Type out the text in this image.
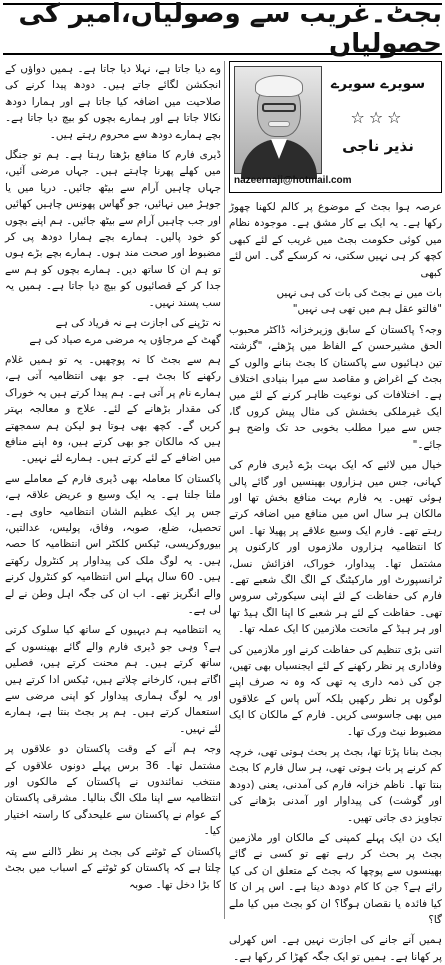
بجٹ۔غریب سے وصولیاں،امیر کی حصولیاں
سویرے سویرے
☆☆☆
نذیر ناجی
nazeernaji@hotmail.com

عرصہ ہوا بجٹ کے موضوع پر کالم لکھنا چھوڑ رکھا ہے۔ یہ ایک بے کار مشق ہے۔ موجودہ نظام میں کوئی حکومت بجٹ میں غریب کے لئے کبھی کچھ کر ہی نہیں سکتی، نہ کرسکے گی۔ اس لئے کبھی

بات میں نے بجٹ کی بات کی ہی نہیں
"فالتو عقل ہم میں تھی ہی نہیں"

وجہ؟ پاکستان کے سابق وزیرخزانہ ڈاکٹر محبوب الحق مشیرحسن کے الفاظ میں پڑھئے، "گزشتہ تین دہائیوں سے پاکستان کا بجٹ بنانے والوں کے بجٹ کے اغراض و مقاصد سے میرا بنیادی اختلاف ہے۔ اختلافات کی نوعیت ظاہر کرنے کے لئے میں ایک غیرملکی بخشش کی مثال پیش کروں گا، جس سے میرا مطلب بخوبی حد تک واضح ہو جائے۔"

خیال میں لائیے کہ ایک بہت بڑے ڈیری فارم کی کہانی، جس میں ہزاروں بھینسیں اور گائے پالی ہوئی تھیں۔ یہ فارم بہت منافع بخش تھا اور مالکان ہر سال اس میں منافع میں اضافہ کرتے رہتے تھے۔ فارم ایک وسیع علاقے پر پھیلا تھا۔ اس کا انتظامیہ ہزاروں ملازموں اور کارکنوں پر مشتمل تھا۔ پیداوار، خوراک، افزائش نسل، ٹرانسپورٹ اور مارکیٹنگ کے الگ الگ شعبے تھے۔ فارم کی حفاظت کے لئے اپنی سیکورٹی سروس تھی۔ حفاظت کے لئے ہر شعبے کا اپنا الگ ہیڈ تھا اور ہر ہیڈ کے ماتحت ملازمین کا ایک عملہ تھا۔

اتنی بڑی تنظیم کی حفاظت کرنے اور ملازمین کی وفاداری پر نظر رکھنے کے لئے ایجنسیاں بھی تھیں، جن کی ذمہ داری یہ تھی کہ وہ نہ صرف اپنے لوگوں پر نظر رکھیں بلکہ آس پاس کے علاقوں میں بھی جاسوسی کریں۔ فارم کے مالکان کا ایک مضبوط نیٹ ورک تھا۔

بجٹ بنانا پڑتا تھا، بجٹ پر بحث ہوتی تھی، خرچہ کم کرنے پر بات ہوتی تھی، ہر سال فارم کا بجٹ بنتا تھا۔ ناظم خزانہ فارم کی آمدنی، یعنی (دودھ اور گوشت) کی پیداوار اور آمدنی بڑھانے کی تجاویز دی جاتی تھیں۔

ایک دن ایک پہلے کمپنی کے مالکان اور ملازمین بجٹ پر بحث کر رہے تھے تو کسی نے گائے بھینسوں سے پوچھا کہ بجٹ کے متعلق ان کی کیا رائے ہے؟ جن کا کام دودھ دینا ہے۔ اس پر ان کا کیا فائدہ یا نقصان ہوگا؟ ان کو بجٹ میں کیا ملے گا؟

ہمیں آنے جانے کی اجازت نہیں ہے۔ اس کھرلی پر کھانا ہے۔ ہمیں تو ایک جگہ کھڑا کر رکھا ہے۔

وے دیا جاتا ہے، نہلا دیا جاتا ہے۔ ہمیں دواؤں کے انجکشن لگائے جاتے ہیں۔ دودھ پیدا کرنے کی صلاحیت میں اضافہ کیا جاتا ہے اور ہمارا دودھ نکالا جاتا ہے اور ہمارے بچوں کو بیچ دیا جاتا ہے۔ بچے ہمارے دودھ سے محروم رہتے ہیں۔

ڈیری فارم کا منافع بڑھتا رہتا ہے۔ ہم تو جنگل میں کھلے پھرنا چاہتے ہیں۔ جہاں مرضی آئیں، جہاں چاہیں آرام سے بیٹھ جائیں۔ دریا میں یا جوہڑ میں نہائیں، جو گھاس پھونس چاہیں کھائیں اور جب چاہیں آرام سے بیٹھ جائیں۔ ہم اپنے بچوں کو خود پالیں۔ ہمارے بچے ہمارا دودھ پی کر مضبوط اور صحت مند ہوں۔ ہمارے بچے بڑے ہوں تو ہم ان کا ساتھ دیں۔ ہمارے بچوں کو ہم سے جدا کر کے قصائیوں کو بیچ دیا جاتا ہے۔ ہمیں یہ سب پسند نہیں۔

نہ تڑپنے کی اجازت ہے نہ فریاد کی ہے
گھٹ کے مرجاؤں یہ مرضی مرے صیاد کی ہے

ہم سے بجٹ کا نہ پوچھیں۔ یہ تو ہمیں غلام رکھنے کا بجٹ ہے۔ جو بھی انتظامیہ آتی ہے، ہمارے نام پر آتی ہے۔ ہم پیدا کرتے ہیں یہ خوراک کی مقدار بڑھانے کے لئے۔ علاج و معالجہ بہتر کریں گے۔ کچھ بھی ہوتا ہو لیکن ہم سمجھتے ہیں کہ مالکان جو بھی کرتے ہیں، وہ اپنے منافع میں اضافے کے لئے کرتے ہیں۔ ہمارے لئے نہیں۔

پاکستان کا معاملہ بھی ڈیری فارم کے معاملے سے ملتا جلتا ہے۔ یہ ایک وسیع و عریض علاقہ ہے، جس پر ایک عظیم الشان انتظامیہ حاوی ہے۔ تحصیل، ضلع، صوبہ، وفاق، پولیس، عدالتیں، بیوروکریسی، ٹیکس کلکٹر اس انتظامیہ کا حصہ ہیں۔ یہ لوگ ملک کی پیداوار پر کنٹرول رکھتے ہیں۔ 60 سال پہلے اس انتظامیہ کو کنٹرول کرنے والے انگریز تھے۔ اب ان کی جگہ اہل وطن نے لے لی ہے۔

یہ انتظامیہ ہم دیہیوں کے ساتھ کیا سلوک کرتی ہے؟ وہی جو ڈیری فارم والے گائے بھینسوں کے ساتھ کرتے ہیں۔ ہم محنت کرتے ہیں، فصلیں اگاتے ہیں، کارخانے چلاتے ہیں، ٹیکس ادا کرتے ہیں اور یہ لوگ ہماری پیداوار کو اپنی مرضی سے استعمال کرتے ہیں۔ ہم پر بجٹ بنتا ہے، ہمارے لئے نہیں۔

وجہ ہم آنے کے وقت پاکستان دو علاقوں پر مشتمل تھا۔ 36 برس پہلے دونوں علاقوں کے منتخب نمائندوں نے پاکستان کے مالکوں اور انتظامیہ سے اپنا ملک الگ بنالیا۔ مشرقی پاکستان کے عوام نے پاکستان سے علیحدگی کا راستہ اختیار کیا۔

پاکستان کے ٹوٹنے کی بجٹ پر نظر ڈالنے سے پتہ چلتا ہے کہ پاکستان کو ٹوٹنے کے اسباب میں بجٹ کا بڑا دخل تھا۔ صوبہ
